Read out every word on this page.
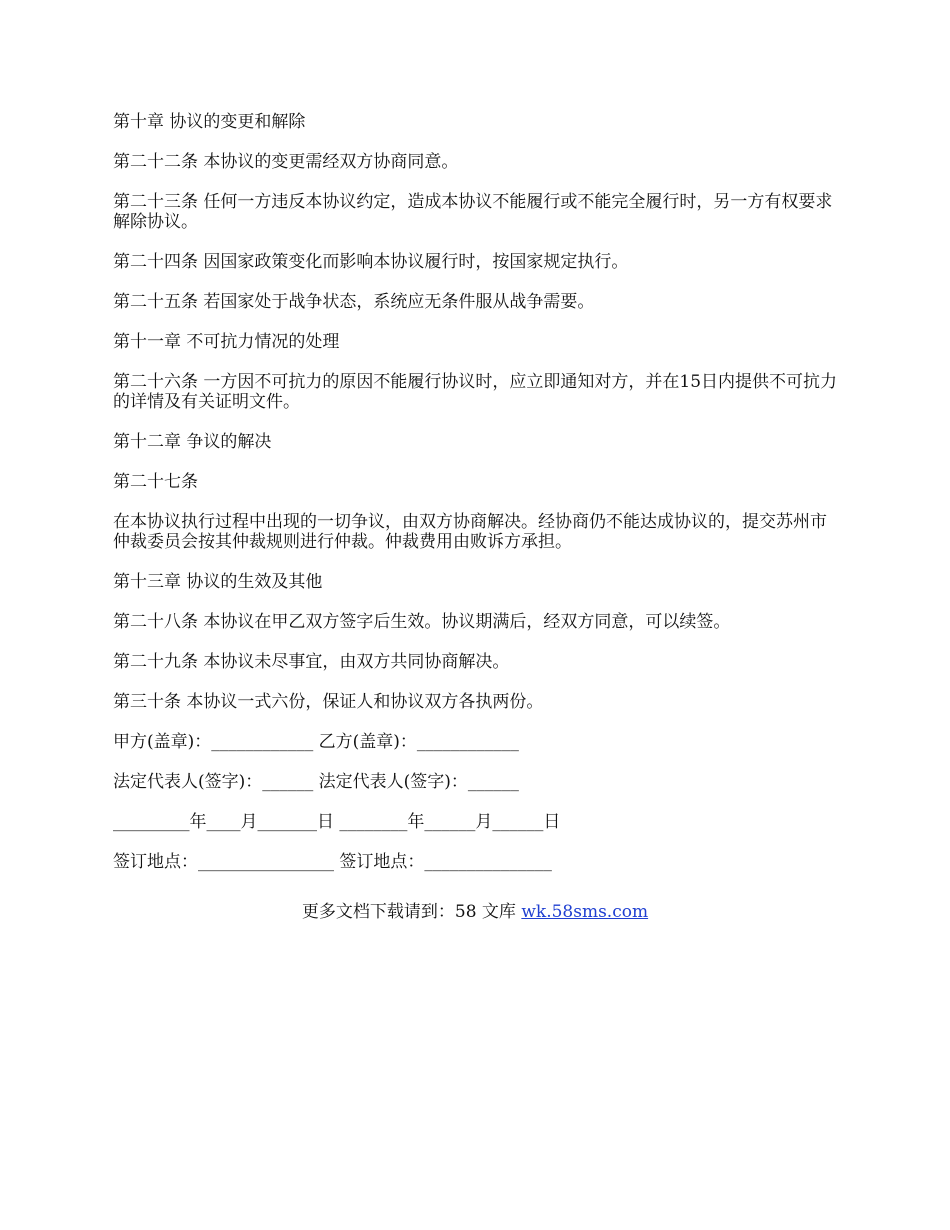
第十章 协议的变更和解除

第二十二条 本协议的变更需经双方协商同意。

第二十三条 任何一方违反本协议约定，造成本协议不能履行或不能完全履行时，另一方有权要求解除协议。

第二十四条 因国家政策变化而影响本协议履行时，按国家规定执行。

第二十五条 若国家处于战争状态，系统应无条件服从战争需要。

第十一章 不可抗力情况的处理

第二十六条 一方因不可抗力的原因不能履行协议时，应立即通知对方，并在15日内提供不可抗力的详情及有关证明文件。

第十二章 争议的解决

第二十七条

在本协议执行过程中出现的一切争议，由双方协商解决。经协商仍不能达成协议的，提交苏州市仲裁委员会按其仲裁规则进行仲裁。仲裁费用由败诉方承担。

第十三章 协议的生效及其他

第二十八条 本协议在甲乙双方签字后生效。协议期满后，经双方同意，可以续签。

第二十九条 本协议未尽事宜，由双方共同协商解决。

第三十条 本协议一式六份，保证人和协议双方各执两份。

甲方(盖章)：____________ 乙方(盖章)：____________

法定代表人(签字)：______ 法定代表人(签字)：______

_________年____月_______日 ________年______月______日

签订地点：________________ 签订地点：_______________

更多文档下载请到：58 文库 wk.58sms.com
